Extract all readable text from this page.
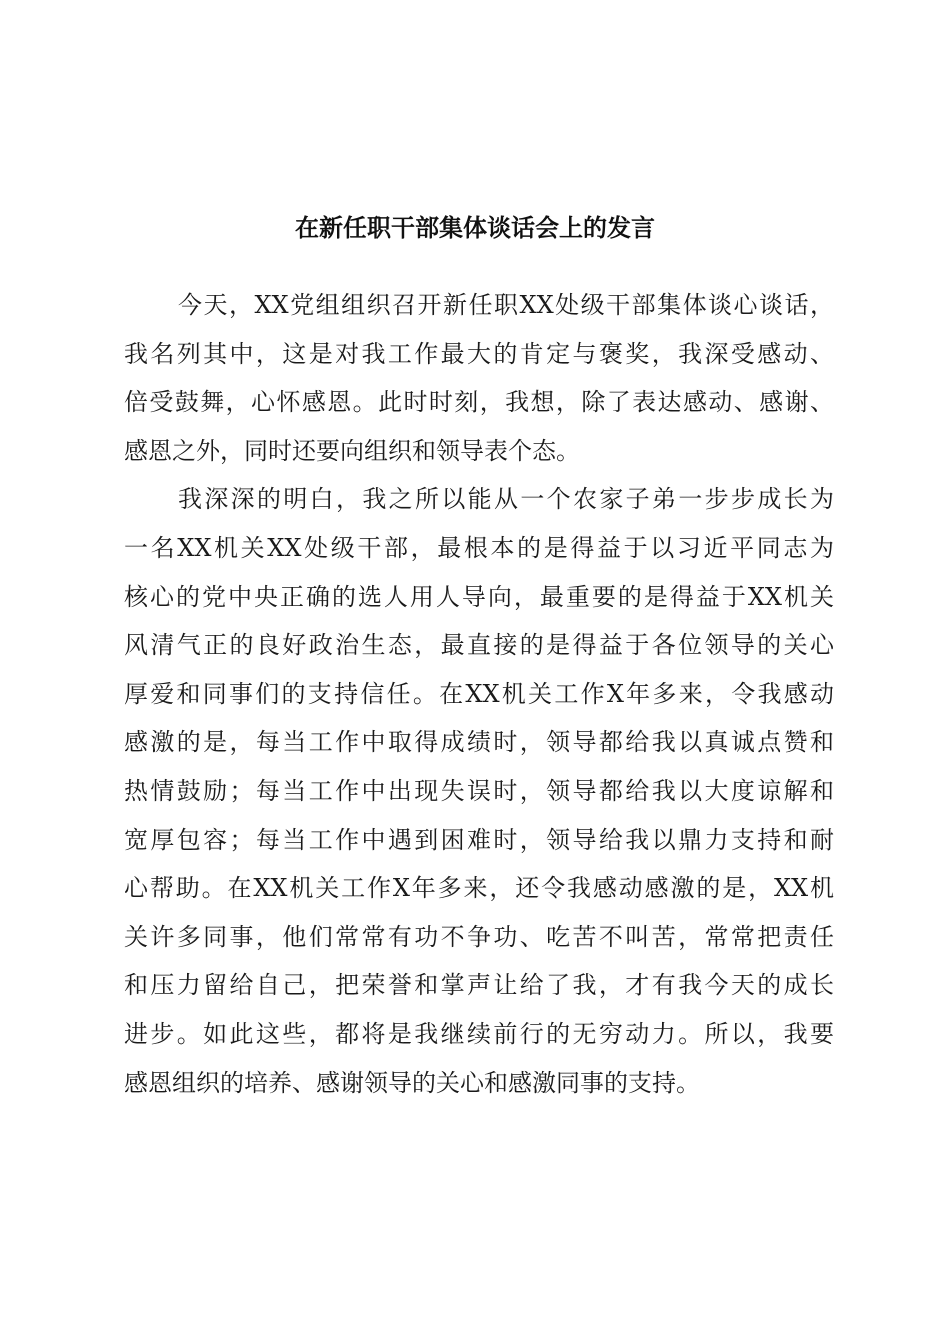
在新任职干部集体谈话会上的发言
今天，XX党组组织召开新任职XX处级干部集体谈心谈话，
我名列其中，这是对我工作最大的肯定与褒奖，我深受感动、
倍受鼓舞，心怀感恩。此时时刻，我想，除了表达感动、感谢、
感恩之外，同时还要向组织和领导表个态。
我深深的明白，我之所以能从一个农家子弟一步步成长为
一名XX机关XX处级干部，最根本的是得益于以习近平同志为
核心的党中央正确的选人用人导向，最重要的是得益于XX机关
风清气正的良好政治生态，最直接的是得益于各位领导的关心
厚爱和同事们的支持信任。在XX机关工作X年多来，令我感动
感激的是，每当工作中取得成绩时，领导都给我以真诚点赞和
热情鼓励；每当工作中出现失误时，领导都给我以大度谅解和
宽厚包容；每当工作中遇到困难时，领导给我以鼎力支持和耐
心帮助。在XX机关工作X年多来，还令我感动感激的是，XX机
关许多同事，他们常常有功不争功、吃苦不叫苦，常常把责任
和压力留给自己，把荣誉和掌声让给了我，才有我今天的成长
进步。如此这些，都将是我继续前行的无穷动力。所以，我要
感恩组织的培养、感谢领导的关心和感激同事的支持。
